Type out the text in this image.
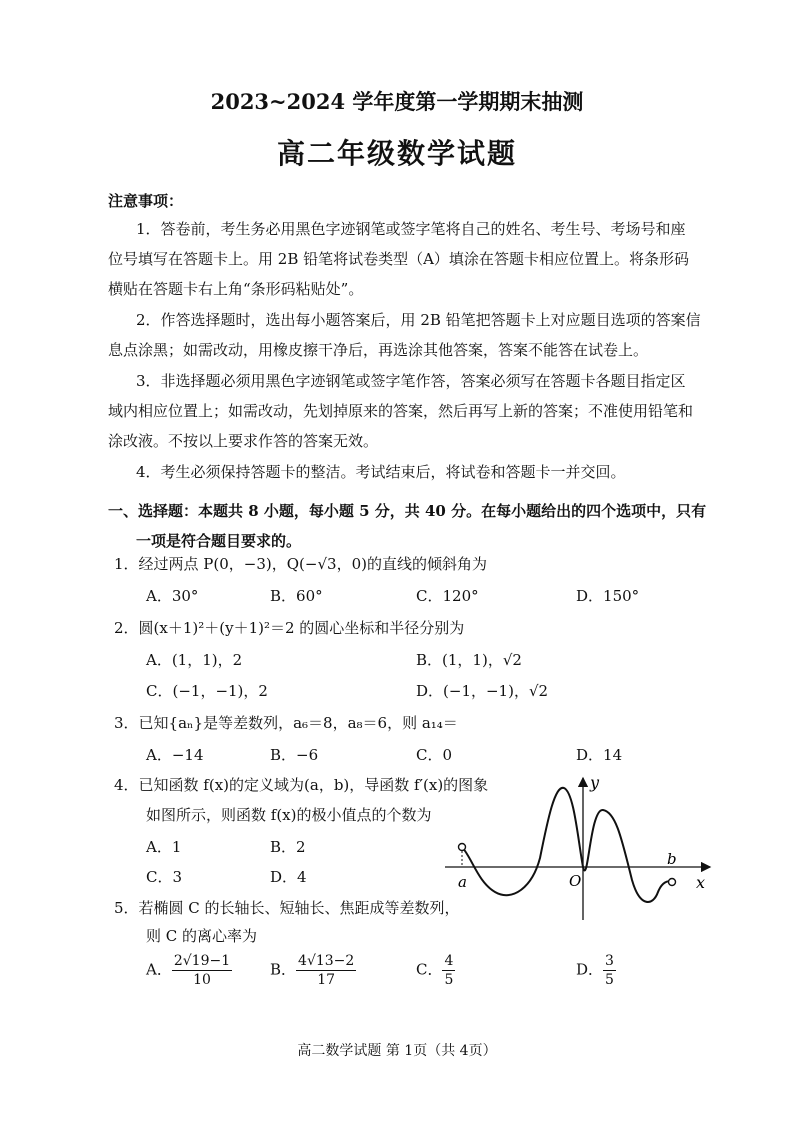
2023~2024 学年度第一学期期末抽测
高二年级数学试题
注意事项：
1．答卷前，考生务必用黑色字迹钢笔或签字笔将自己的姓名、考生号、考场号和座
位号填写在答题卡上。用 2B 铅笔将试卷类型（A）填涂在答题卡相应位置上。将条形码
横贴在答题卡右上角“条形码粘贴处”。
2．作答选择题时，选出每小题答案后，用 2B 铅笔把答题卡上对应题目选项的答案信
息点涂黑；如需改动，用橡皮擦干净后，再选涂其他答案，答案不能答在试卷上。
3．非选择题必须用黑色字迹钢笔或签字笔作答，答案必须写在答题卡各题目指定区
域内相应位置上；如需改动，先划掉原来的答案，然后再写上新的答案；不准使用铅笔和
涂改液。不按以上要求作答的答案无效。
4．考生必须保持答题卡的整洁。考试结束后，将试卷和答题卡一并交回。
一、选择题：本题共 8 小题，每小题 5 分，共 40 分。在每小题给出的四个选项中，只有
一项是符合题目要求的。
1．经过两点 P(0，−3)，Q(−√3，0)的直线的倾斜角为
A．30°	B．60°	C．120°	D．150°
2．圆(x＋1)²＋(y＋1)²＝2 的圆心坐标和半径分别为
A．(1，1)，2	B．(1，1)，√2
C．(−1，−1)，2	D．(−1，−1)，√2
3．已知{aₙ}是等差数列，a₆＝8，a₈＝6，则 a₁₄＝
A．−14	B．−6	C．0	D．14
4．已知函数 f(x)的定义域为(a，b)，导函数 f′(x)的图象
如图所示，则函数 f(x)的极小值点的个数为
A．1	B．2
C．3	D．4
y
x
O
a
b
5．若椭圆 C 的长轴长、短轴长、焦距成等差数列，
则 C 的离心率为
A． $\frac{2√19-1}{10}$	B． $\frac{4√13-2}{17}$	C． $\frac{4}{5}$	D． $\frac{3}{5}$
高二数学试题 第 1页（共 4页）
